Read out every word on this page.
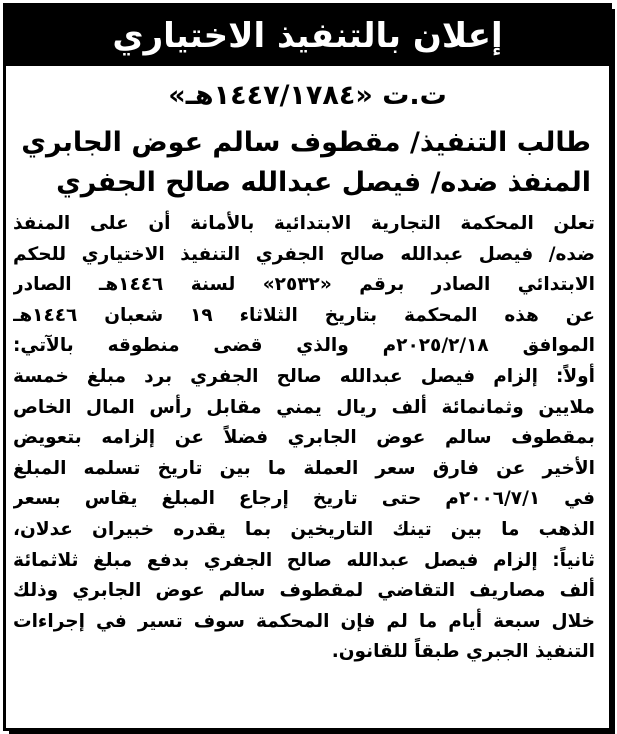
إعلان بالتنفيذ الاختياري
ت.ت «١٤٤٧/١٧٨٤هـ»
طالب التنفيذ/ مقطوف سالم عوض الجابري
المنفذ ضده/ فيصل عبدالله صالح الجفري
تعلن المحكمة التجارية الابتدائية بالأمانة أن على المنفذ
ضده/ فيصل عبدالله صالح الجفري التنفيذ الاختياري للحكم
الابتدائي الصادر برقم «٢٥٣٢» لسنة ١٤٤٦هـ الصادر
عن هذه المحكمة بتاريخ الثلاثاء ١٩ شعبان ١٤٤٦هـ
الموافق ٢٠٢٥/٢/١٨م والذي قضى منطوقه بالآتي:
أولاً: إلزام فيصل عبدالله صالح الجفري برد مبلغ خمسة
ملايين وثمانمائة ألف ريال يمني مقابل رأس المال الخاص
بمقطوف سالم عوض الجابري فضلاً عن إلزامه بتعويض
الأخير عن فارق سعر العملة ما بين تاريخ تسلمه المبلغ
في ٢٠٠٦/٧/١م حتى تاريخ إرجاع المبلغ يقاس بسعر
الذهب ما بين تينك التاريخين بما يقدره خبيران عدلان،
ثانياً: إلزام فيصل عبدالله صالح الجفري بدفع مبلغ ثلاثمائة
ألف مصاريف التقاضي لمقطوف سالم عوض الجابري وذلك
خلال سبعة أيام ما لم فإن المحكمة سوف تسير في إجراءات
التنفيذ الجبري طبقاً للقانون.
